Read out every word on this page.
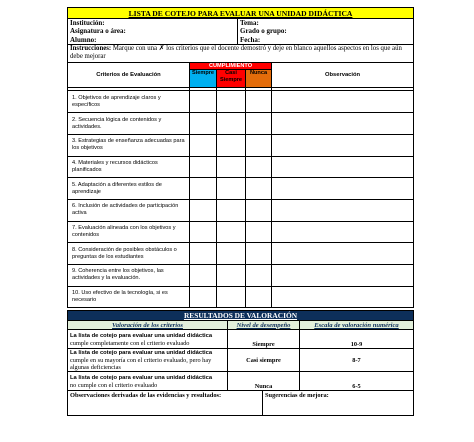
LISTA DE COTEJO PARA EVALUAR UNA UNIDAD DIDÁCTICA	
Institución:	Tema:
Asignatura o área:	Grado o grupo:
Alumno:	Fecha:
Instrucciones: Marque con una ✗ los criterios que el docente demostró y deje en blanco aquellos aspectos en los que aún debe mejorar	
Criterios de Evaluación	CUMPLIMIENTO			Observación
	Siempre	Casi Siempre	Nunca	

1. Objetivos de aprendizaje claros y específicos				
2. Secuencia lógica de contenidos y actividades.				
3. Estrategias de enseñanza adecuadas para los objetivos				
4. Materiales y recursos didácticos planificados				
5. Adaptación a diferentes estilos de aprendizaje				
6. Inclusión de actividades de participación activa				
7. Evaluación alineada con los objetivos y contenidos				
8. Consideración de posibles obstáculos o preguntas de los estudiantes				
9. Coherencia entre los objetivos, las actividades y la evaluación.				
10. Uso efectivo de la tecnología, si es necesario				
RESULTADOS DE VALORACIÓN		
Valoración de los criterios	Nivel de desempeño	Escala de valoración numérica
La lista de cotejo para evaluar una unidad didáctica
cumple completamente con el criterio evaluado	Siempre	10-9
La lista de cotejo para evaluar una unidad didáctica
cumple en su mayoría con el criterio evaluado, pero hay algunas deficiencias	Casi siempre	8-7
La lista de cotejo para evaluar una unidad didáctica
no cumple con el criterio evaluado	Nunca	6-5
Observaciones derivadas de las evidencias y resultados:	Sugerencias de mejora:
